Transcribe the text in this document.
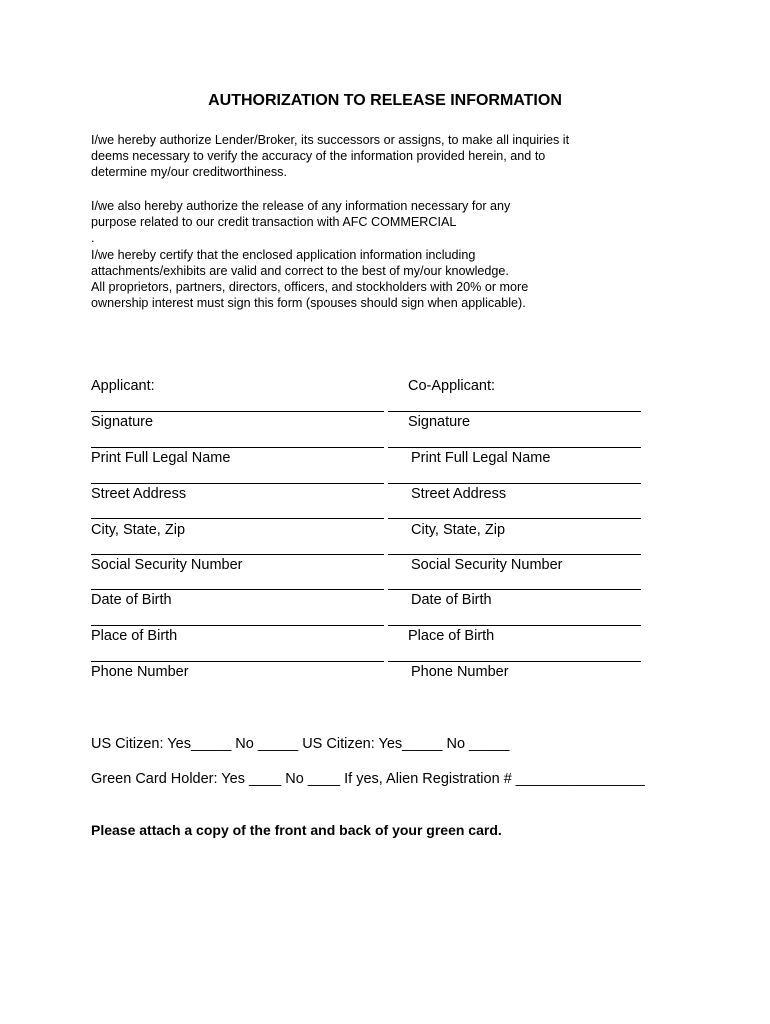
AUTHORIZATION TO RELEASE INFORMATION

I/we hereby authorize Lender/Broker, its successors or assigns, to make all inquiries it
deems necessary to verify the accuracy of the information provided herein, and to
determine my/our creditworthiness.

I/we also hereby authorize the release of any information necessary for any
purpose related to our credit transaction with AFC COMMERCIAL
.

I/we hereby certify that the enclosed application information including
attachments/exhibits are valid and correct to the best of my/our knowledge.
All proprietors, partners, directors, officers, and stockholders with 20% or more
ownership interest must sign this form (spouses should sign when applicable).

Applicant:	Co-Applicant:
Signature
Print Full Legal Name
Street Address
City, State, Zip
Social Security Number
Date of Birth
Place of Birth
Phone Number
Signature
Print Full Legal Name
Street Address
City, State, Zip
Social Security Number
Date of Birth
Place of Birth
Phone Number

US Citizen: Yes_____ No _____ US Citizen: Yes_____ No _____

Green Card Holder: Yes ____ No ____ If yes, Alien Registration # ________________

Please attach a copy of the front and back of your green card.
